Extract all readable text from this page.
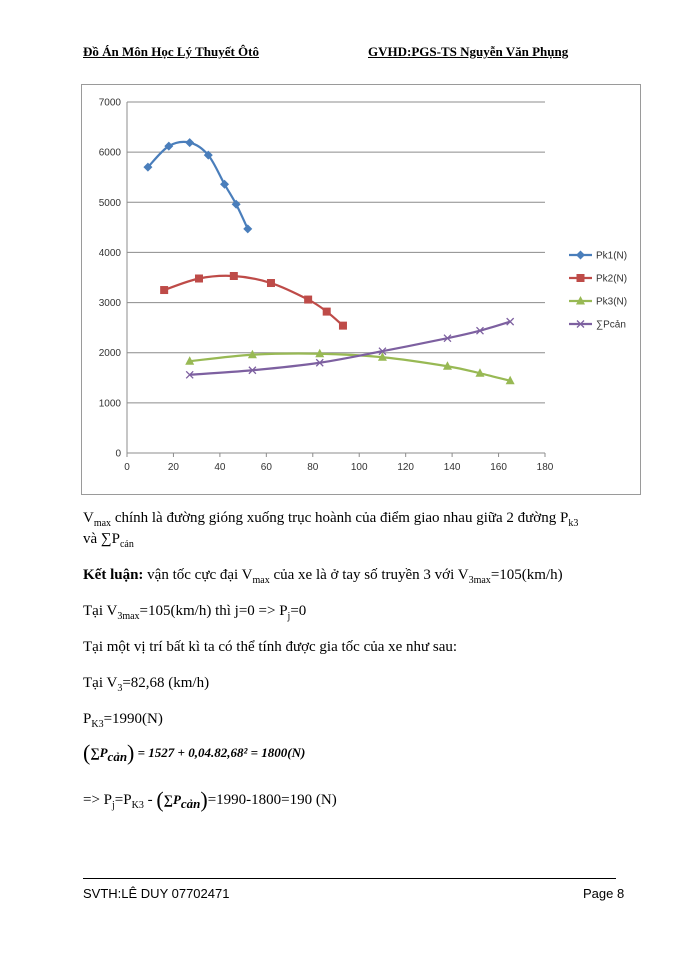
Đồ Án Môn Học Lý Thuyết Ôtô	GVHD:PGS-TS Nguyễn Văn Phụng
0
1000
2000
3000
4000
5000
6000
7000
0	20	40	60	80	100	120	140	160	180
Pk1(N)
Pk2(N)
Pk3(N)
∑Pcản
$V_{max}$ chính là đường gióng xuống trục hoành của điểm giao nhau giữa 2 đường $P_{k3}$
và $\sum P_{cản}$
Kết luận: vận tốc cực đại $V_{max}$ của xe là ở tay số truyền 3 với $V_{3max}=105(km/h)$
Tại $V_{3max}=105(km/h)$ thì $j=0 => P_j=0$
Tại một vị trí bất kì ta có thể tính được gia tốc của xe như sau:
Tại $V_3=82,68$ (km/h)
$P_{K3}=1990(N)$
$(\sum P_{cản}) = 1527 + 0,04.82,68^2 = 1800(N)$
=> $P_j=P_{K3} - (\sum P_{cản})=1990-1800=190$ (N)
SVTH:LÊ DUY 07702471	Page 8
